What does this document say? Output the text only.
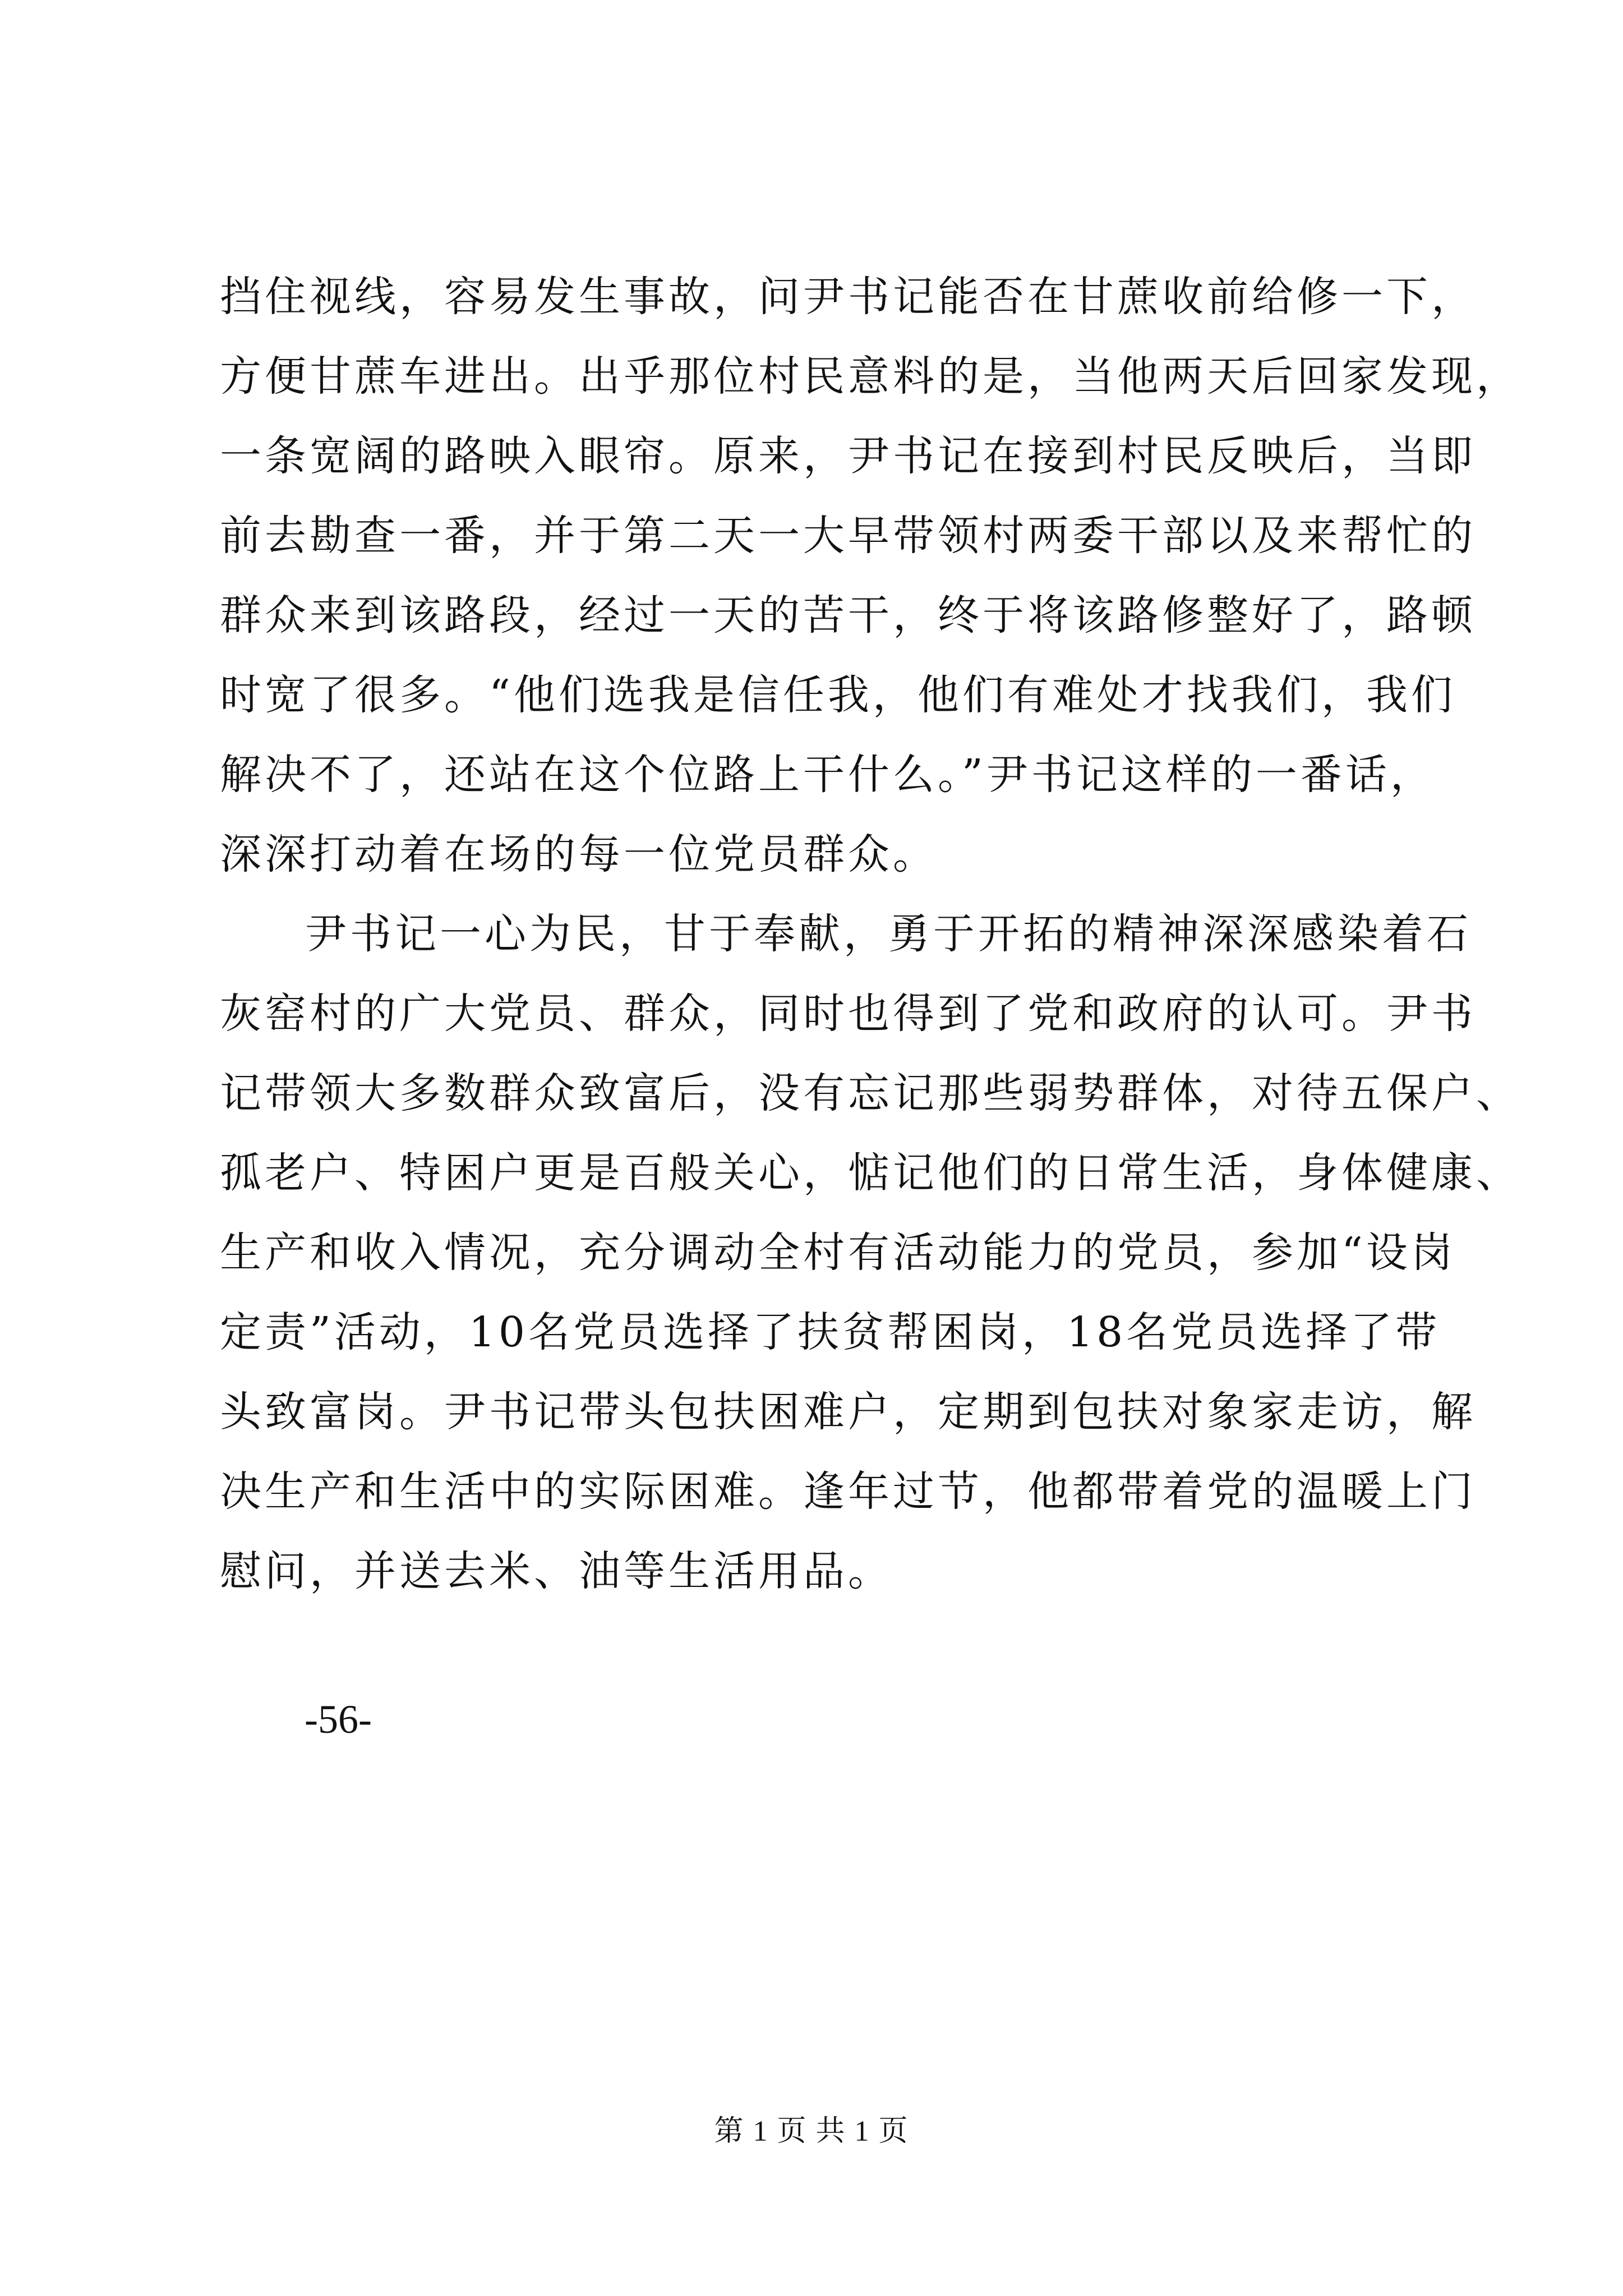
挡住视线，容易发生事故，问尹书记能否在甘蔗收前给修一下，
方便甘蔗车进出。出乎那位村民意料的是，当他两天后回家发现，
一条宽阔的路映入眼帘。原来，尹书记在接到村民反映后，当即
前去勘查一番，并于第二天一大早带领村两委干部以及来帮忙的
群众来到该路段，经过一天的苦干，终于将该路修整好了，路顿
时宽了很多。“他们选我是信任我，他们有难处才找我们，我们
解决不了，还站在这个位路上干什么。”尹书记这样的一番话，
深深打动着在场的每一位党员群众。
尹书记一心为民，甘于奉献，勇于开拓的精神深深感染着石
灰窑村的广大党员、群众，同时也得到了党和政府的认可。尹书
记带领大多数群众致富后，没有忘记那些弱势群体，对待五保户、
孤老户、特困户更是百般关心，惦记他们的日常生活，身体健康、
生产和收入情况，充分调动全村有活动能力的党员，参加“设岗
定责”活动，10名党员选择了扶贫帮困岗，18名党员选择了带
头致富岗。尹书记带头包扶困难户，定期到包扶对象家走访，解
决生产和生活中的实际困难。逢年过节，他都带着党的温暖上门
慰问，并送去米、油等生活用品。
-56-
第 1 页 共 1 页
